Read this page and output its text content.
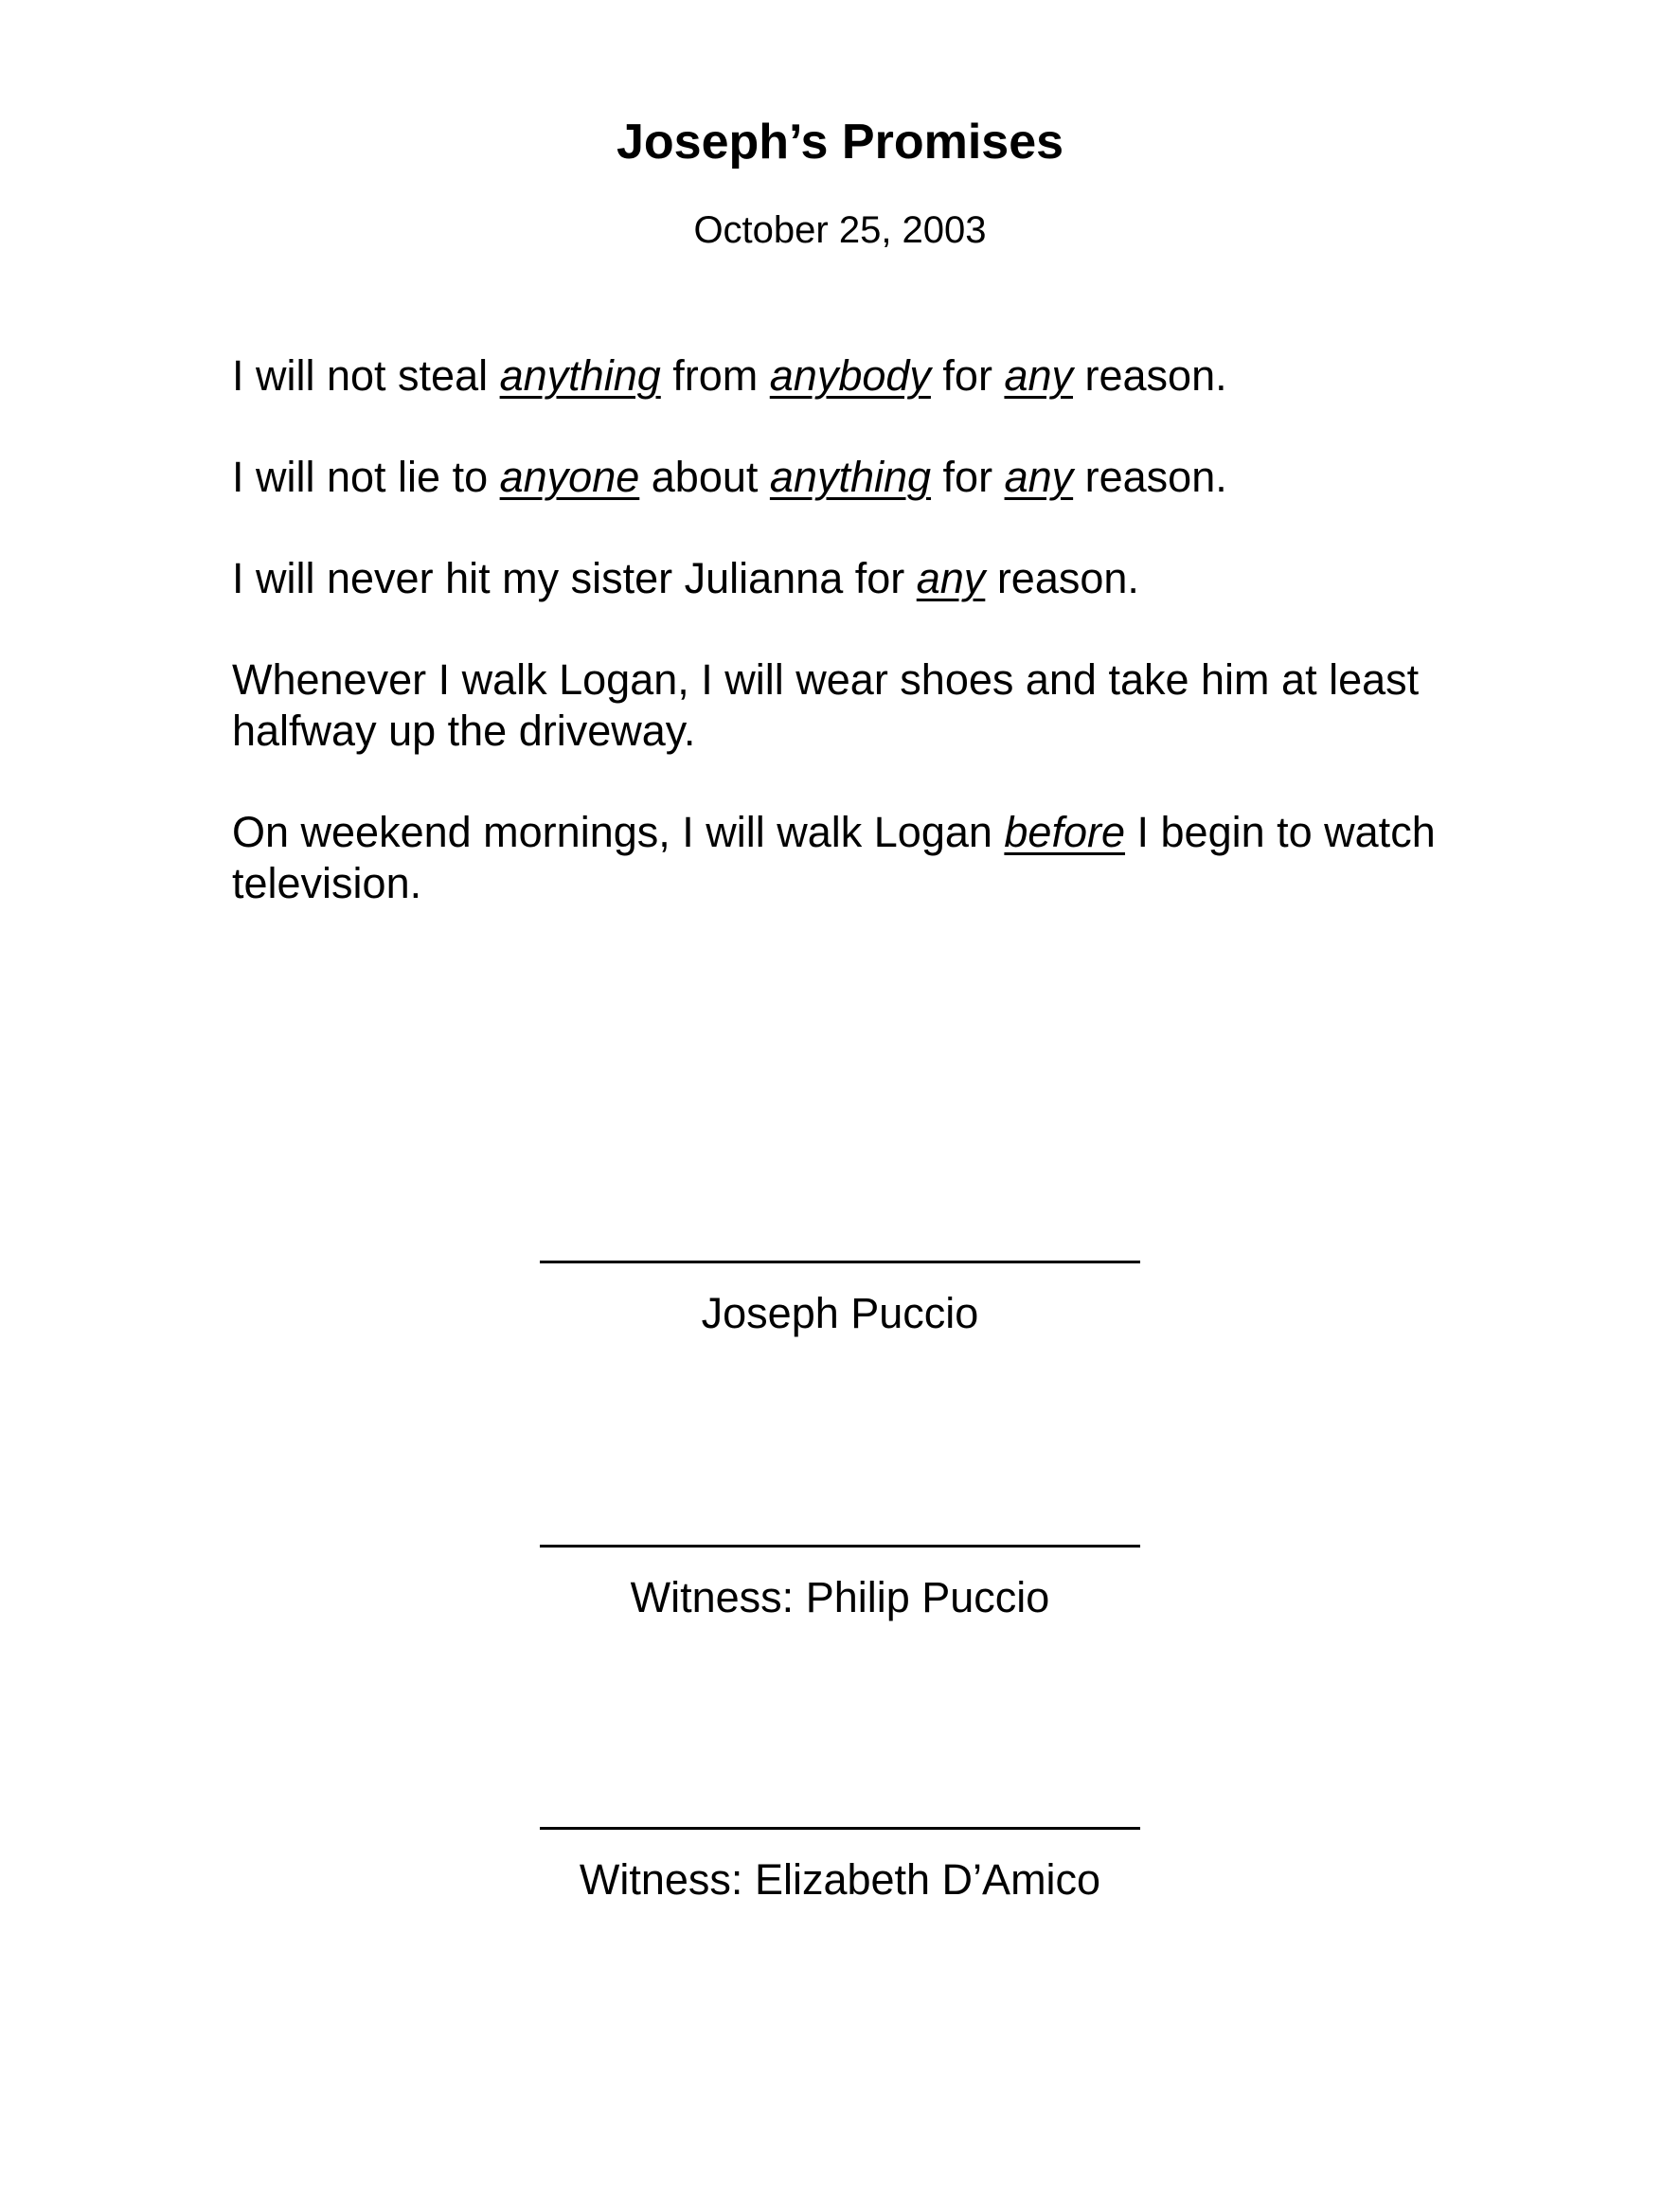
Joseph’s Promises
October 25, 2003

I will not steal anything from anybody for any reason.

I will not lie to anyone about anything for any reason.

I will never hit my sister Julianna for any reason.

Whenever I walk Logan, I will wear shoes and take him at least halfway up the driveway.

On weekend mornings, I will walk Logan before I begin to watch television.

Joseph Puccio
Witness: Philip Puccio
Witness: Elizabeth D’Amico
